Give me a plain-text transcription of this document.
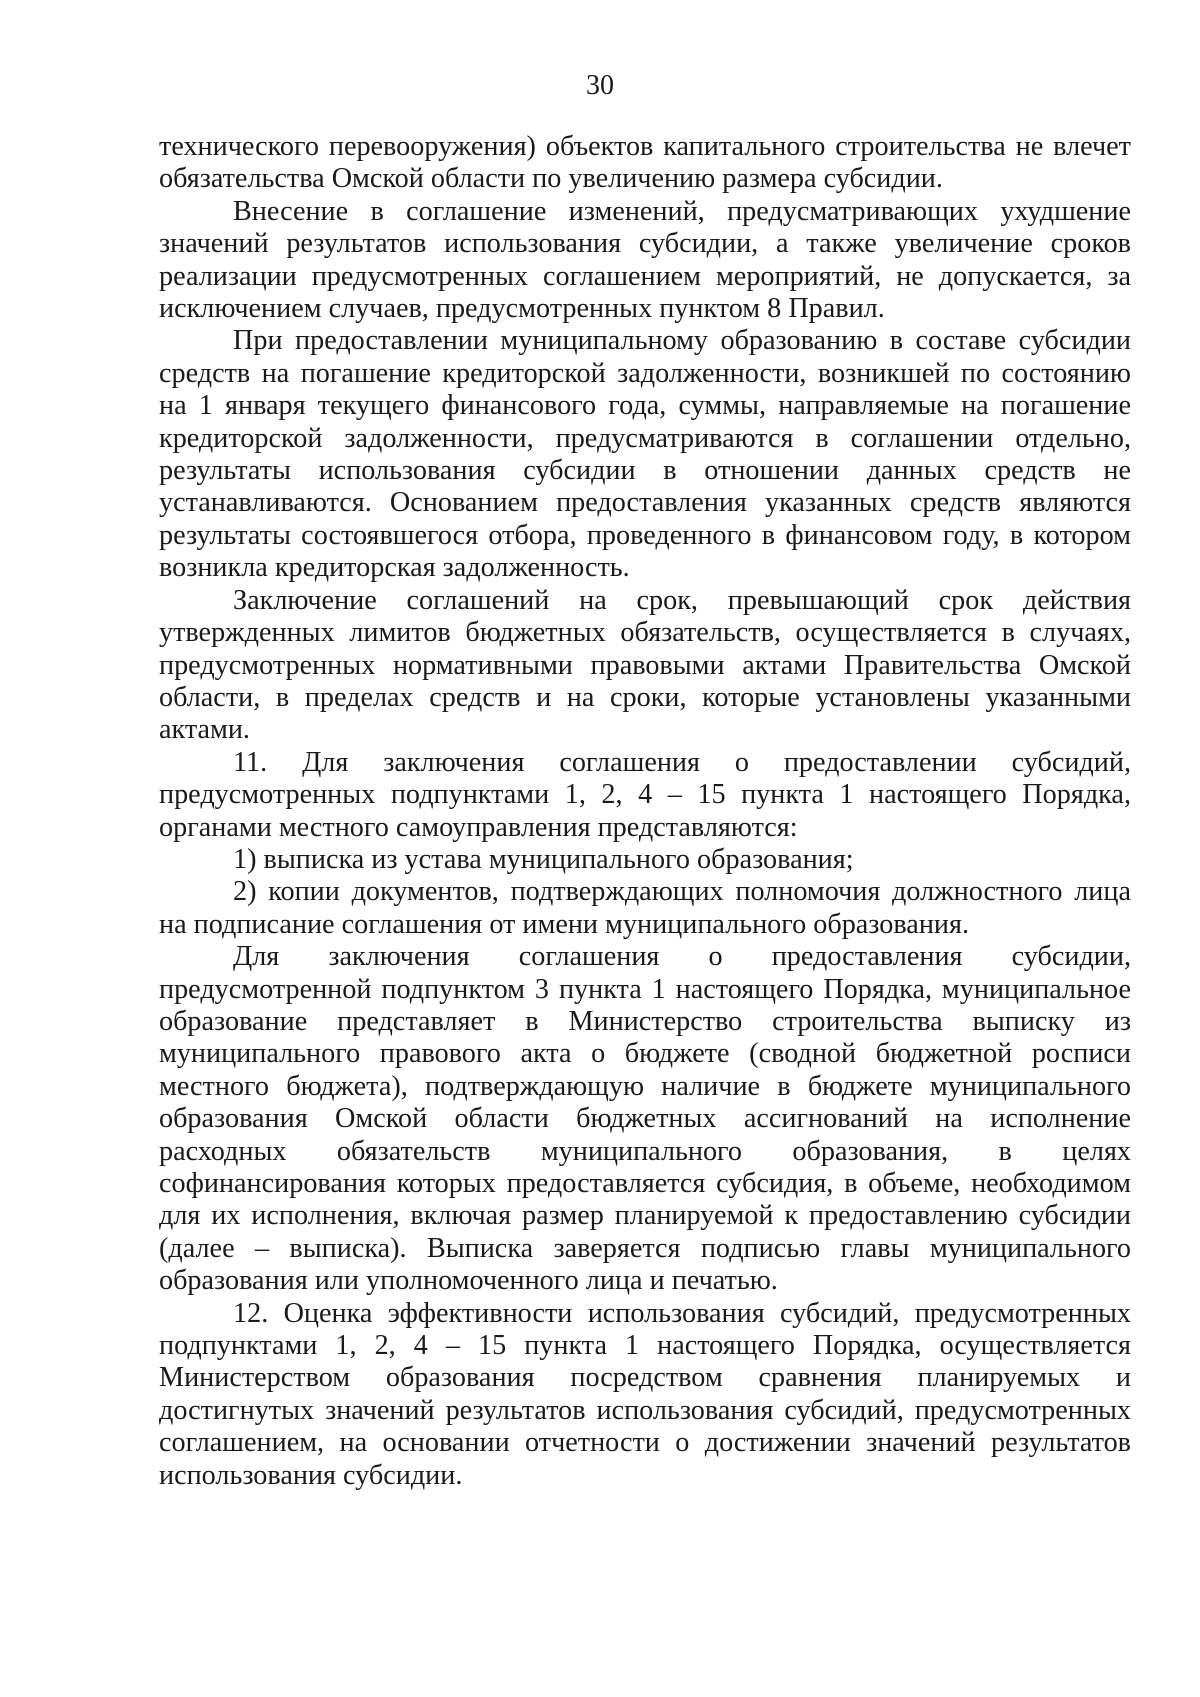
30

технического перевооружения) объектов капитального строительства не влечет обязательства Омской области по увеличению размера субсидии.

Внесение в соглашение изменений, предусматривающих ухудшение значений результатов использования субсидии, а также увеличение сроков реализации предусмотренных соглашением мероприятий, не допускается, за исключением случаев, предусмотренных пунктом 8 Правил.

При предоставлении муниципальному образованию в составе субсидии средств на погашение кредиторской задолженности, возникшей по состоянию на 1 января текущего финансового года, суммы, направляемые на погашение кредиторской задолженности, предусматриваются в соглашении отдельно, результаты использования субсидии в отношении данных средств не устанавливаются. Основанием предоставления указанных средств являются результаты состоявшегося отбора, проведенного в финансовом году, в котором возникла кредиторская задолженность.

Заключение соглашений на срок, превышающий срок действия утвержденных лимитов бюджетных обязательств, осуществляется в случаях, предусмотренных нормативными правовыми актами Правительства Омской области, в пределах средств и на сроки, которые установлены указанными актами.

11. Для заключения соглашения о предоставлении субсидий, предусмотренных подпунктами 1, 2, 4 – 15 пункта 1 настоящего Порядка, органами местного самоуправления представляются:

1) выписка из устава муниципального образования;

2) копии документов, подтверждающих полномочия должностного лица на подписание соглашения от имени муниципального образования.

Для заключения соглашения о предоставления субсидии, предусмотренной подпунктом 3 пункта 1 настоящего Порядка, муниципальное образование представляет в Министерство строительства выписку из муниципального правового акта о бюджете (сводной бюджетной росписи местного бюджета), подтверждающую наличие в бюджете муниципального образования Омской области бюджетных ассигнований на исполнение расходных обязательств муниципального образования, в целях софинансирования которых предоставляется субсидия, в объеме, необходимом для их исполнения, включая размер планируемой к предоставлению субсидии (далее – выписка). Выписка заверяется подписью главы муниципального образования или уполномоченного лица и печатью.

12. Оценка эффективности использования субсидий, предусмотренных подпунктами 1, 2, 4 – 15 пункта 1 настоящего Порядка, осуществляется Министерством образования посредством сравнения планируемых и достигнутых значений результатов использования субсидий, предусмотренных соглашением, на основании отчетности о достижении значений результатов использования субсидии.
